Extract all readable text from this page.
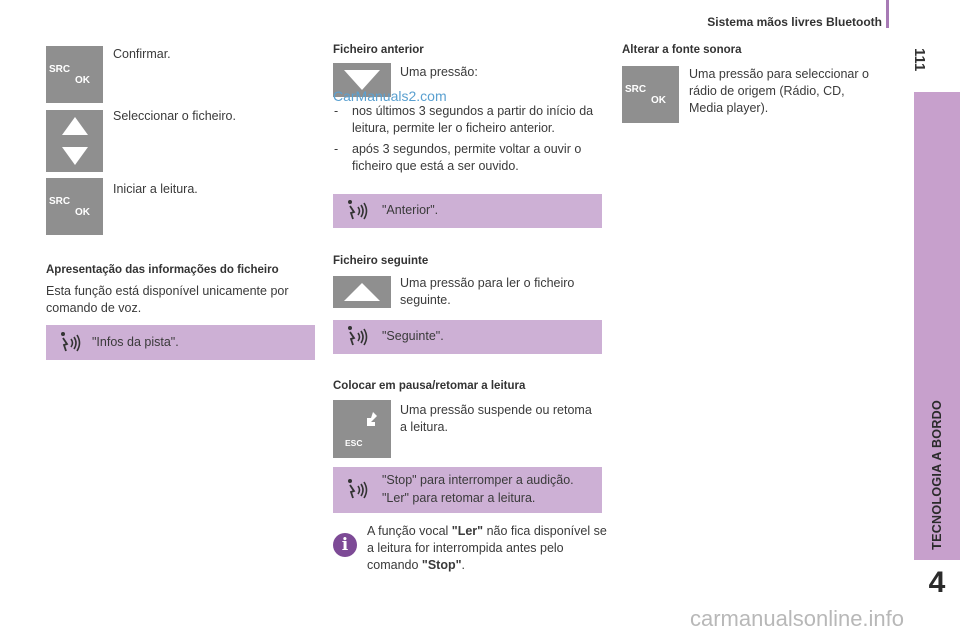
Sistema mãos livres Bluetooth
111
TECNOLOGIA A BORDO
4
SRC
OK
Confirmar.
Seleccionar o ficheiro.
SRC
OK
Iniciar a leitura.
Apresentação das informações do ficheiro
Esta função está disponível unicamente por comando de voz.
"Infos da pista".
Ficheiro anterior
Uma pressão:
CarManuals2.com
- nos últimos 3 segundos a partir do início da leitura, permite ler o ficheiro anterior.
- após 3 segundos, permite voltar a ouvir o ficheiro que está a ser ouvido.
"Anterior".
Ficheiro seguinte
Uma pressão para ler o ficheiro seguinte.
"Seguinte".
Colocar em pausa/retomar a leitura
ESC
Uma pressão suspende ou retoma a leitura.
"Stop" para interromper a audição.
"Ler" para retomar a leitura.
i
A função vocal "Ler" não fica disponível se a leitura for interrompida antes pelo comando "Stop".
Alterar a fonte sonora
SRC
OK
Uma pressão para seleccionar o rádio de origem (Rádio, CD, Media player).
carmanualsonline.info
